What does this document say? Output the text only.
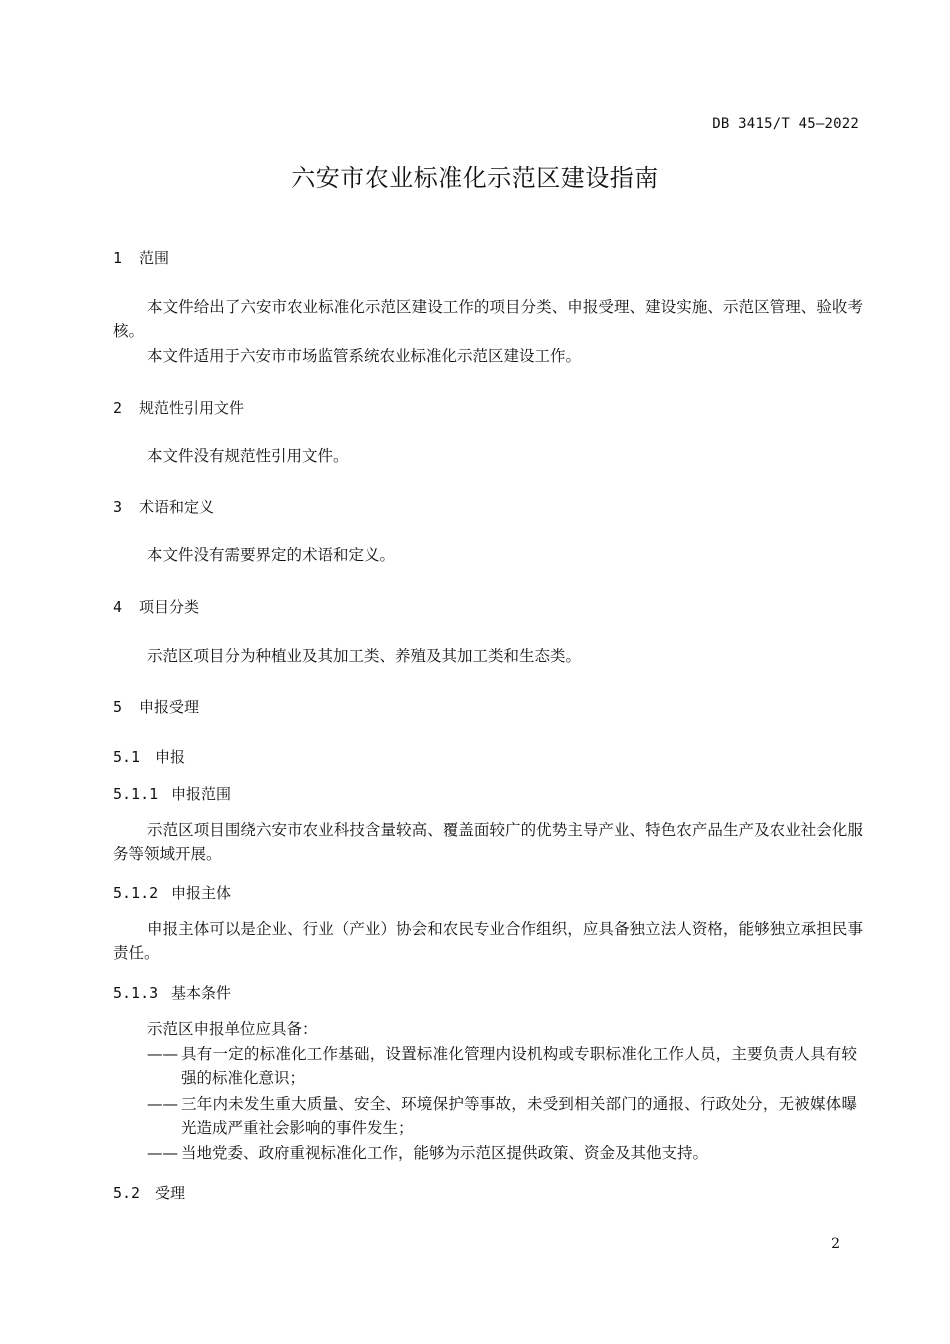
DB 3415/T 45—2022
六安市农业标准化示范区建设指南
1 范围
本文件给出了六安市农业标准化示范区建设工作的项目分类、申报受理、建设实施、示范区管理、验收考核。
本文件适用于六安市市场监管系统农业标准化示范区建设工作。
2 规范性引用文件
本文件没有规范性引用文件。
3 术语和定义
本文件没有需要界定的术语和定义。
4 项目分类
示范区项目分为种植业及其加工类、养殖及其加工类和生态类。
5 申报受理
5.1 申报
5.1.1 申报范围
示范区项目围绕六安市农业科技含量较高、覆盖面较广的优势主导产业、特色农产品生产及农业社会化服务等领域开展。
5.1.2 申报主体
申报主体可以是企业、行业（产业）协会和农民专业合作组织，应具备独立法人资格，能够独立承担民事责任。
5.1.3 基本条件
示范区申报单位应具备：
—— 具有一定的标准化工作基础，设置标准化管理内设机构或专职标准化工作人员，主要负责人具有较强的标准化意识；
—— 三年内未发生重大质量、安全、环境保护等事故，未受到相关部门的通报、行政处分，无被媒体曝光造成严重社会影响的事件发生；
—— 当地党委、政府重视标准化工作，能够为示范区提供政策、资金及其他支持。
5.2 受理
2
